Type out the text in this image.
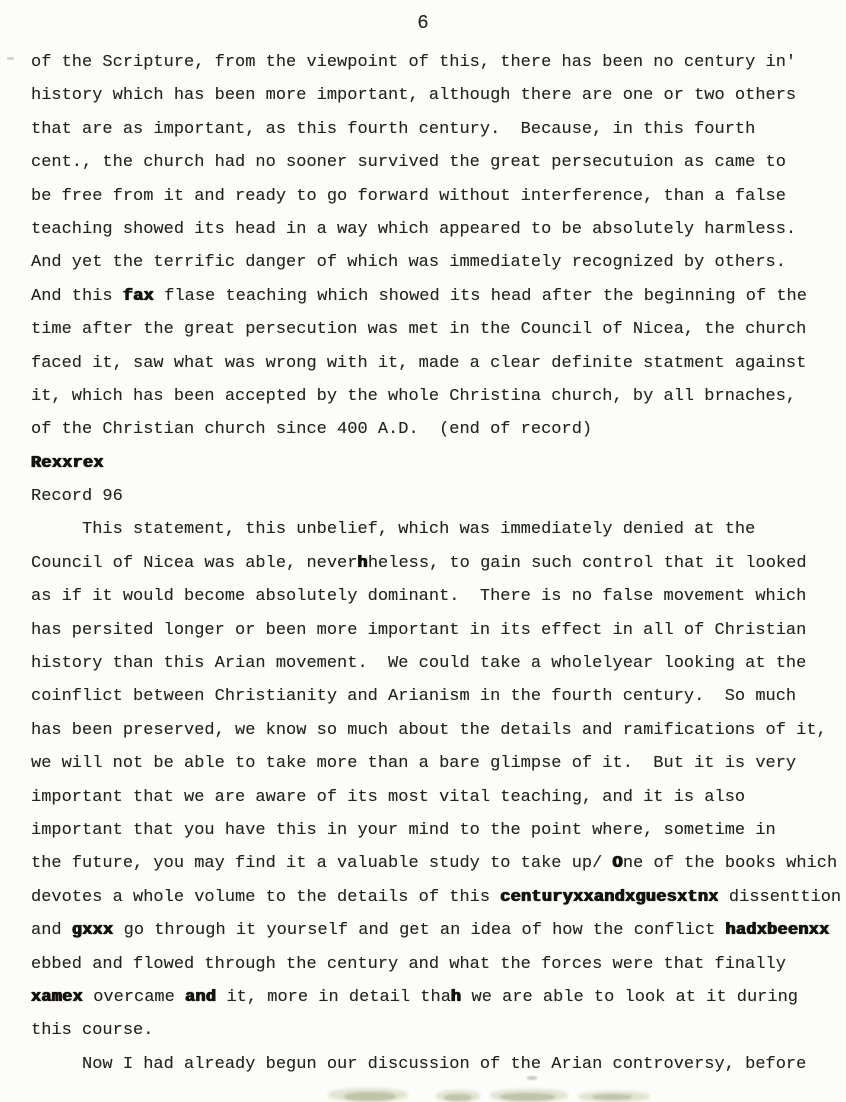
6
of the Scripture, from the viewpoint of this, there has been no century in'
history which has been more important, although there are one or two others
that are as important, as this fourth century.  Because, in this fourth
cent., the church had no sooner survived the great persecutuion as came to
be free from it and ready to go forward without interference, than a false
teaching showed its head in a way which appeared to be absolutely harmless.
And yet the terrific danger of which was immediately recognized by others.
And this fax flase teaching which showed its head after the beginning of the
time after the great persecution was met in the Council of Nicea, the church
faced it, saw what was wrong with it, made a clear definite statment against
it, which has been accepted by the whole Christina church, by all brnaches,
of the Christian church since 400 A.D.  (end of record)
Rexxrex
Record 96
This statement, this unbelief, which was immediately denied at the
Council of Nicea was able, neverhheless, to gain such control that it looked
as if it would become absolutely dominant.  There is no false movement which
has persited longer or been more important in its effect in all of Christian
history than this Arian movement.  We could take a wholelyear looking at the
coinflict between Christianity and Arianism in the fourth century.  So much
has been preserved, we know so much about the details and ramifications of it,
we will not be able to take more than a bare glimpse of it.  But it is very
important that we are aware of its most vital teaching, and it is also
important that you have this in your mind to the point where, sometime in
the future, you may find it a valuable study to take up/ One of the books which
devotes a whole volume to the details of this centuryxxandxguesxtnx dissenttion
and gxxx go through it yourself and get an idea of how the conflict hadxbeenxx
ebbed and flowed through the century and what the forces were that finally
xamex overcame and it, more in detail thah we are able to look at it during
this course.
Now I had already begun our discussion of the Arian controversy, before
